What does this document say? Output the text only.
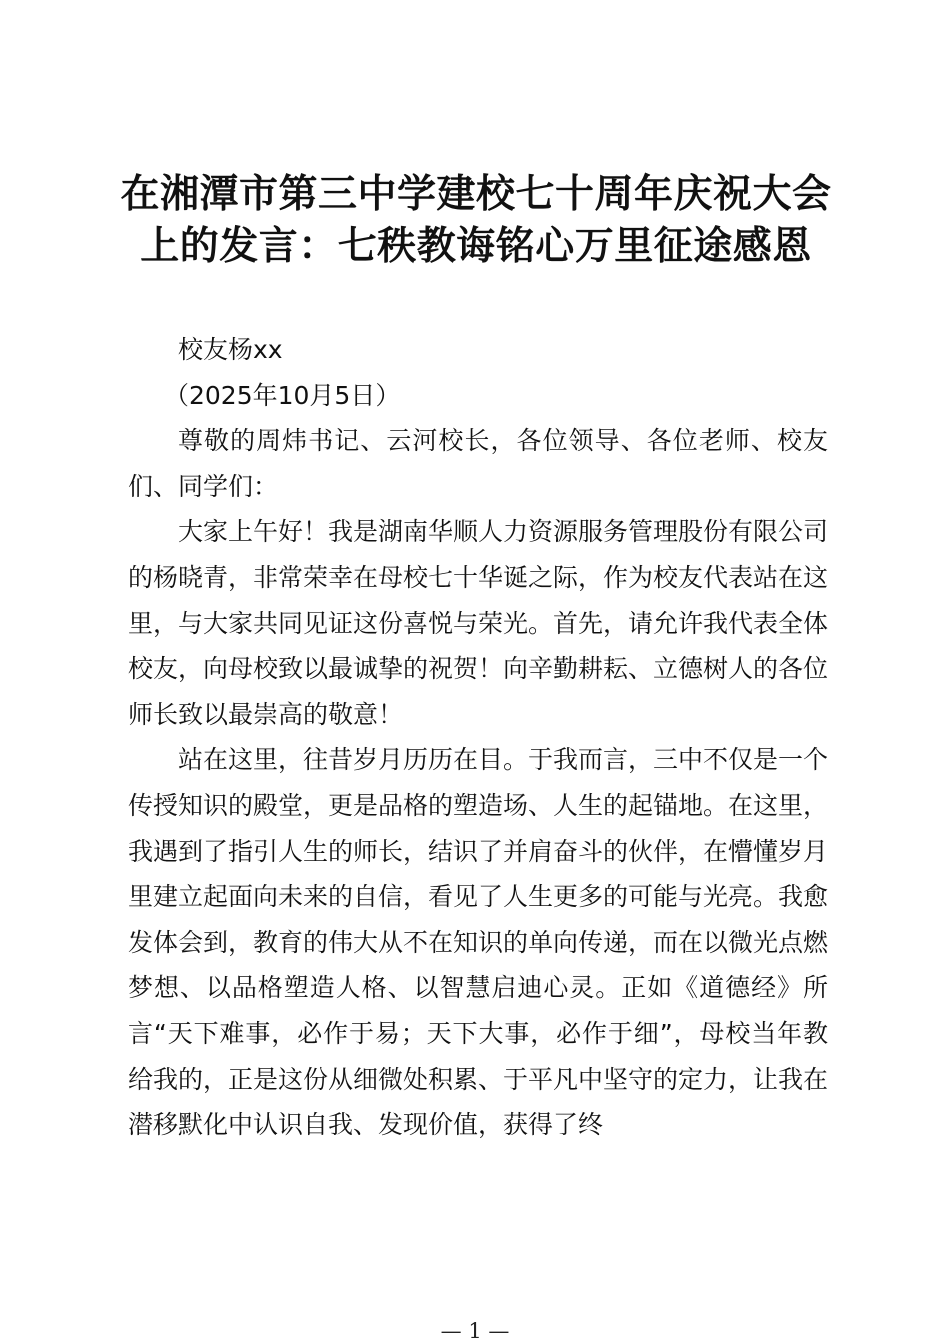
在湘潭市第三中学建校七十周年庆祝大会上的发言：七秩教诲铭心万里征途感恩

校友杨xx

（2025年10月5日）

尊敬的周炜书记、云河校长，各位领导、各位老师、校友们、同学们：

大家上午好！我是湖南华顺人力资源服务管理股份有限公司的杨晓青，非常荣幸在母校七十华诞之际，作为校友代表站在这里，与大家共同见证这份喜悦与荣光。首先，请允许我代表全体校友，向母校致以最诚挚的祝贺！向辛勤耕耘、立德树人的各位师长致以最崇高的敬意！

站在这里，往昔岁月历历在目。于我而言，三中不仅是一个传授知识的殿堂，更是品格的塑造场、人生的起锚地。在这里，我遇到了指引人生的师长，结识了并肩奋斗的伙伴，在懵懂岁月里建立起面向未来的自信，看见了人生更多的可能与光亮。我愈发体会到，教育的伟大从不在知识的单向传递，而在以微光点燃梦想、以品格塑造人格、以智慧启迪心灵。正如《道德经》所言“天下难事，必作于易；天下大事，必作于细”，母校当年教给我的，正是这份从细微处积累、于平凡中坚守的定力，让我在潜移默化中认识自我、发现价值，获得了终

— 1 —
